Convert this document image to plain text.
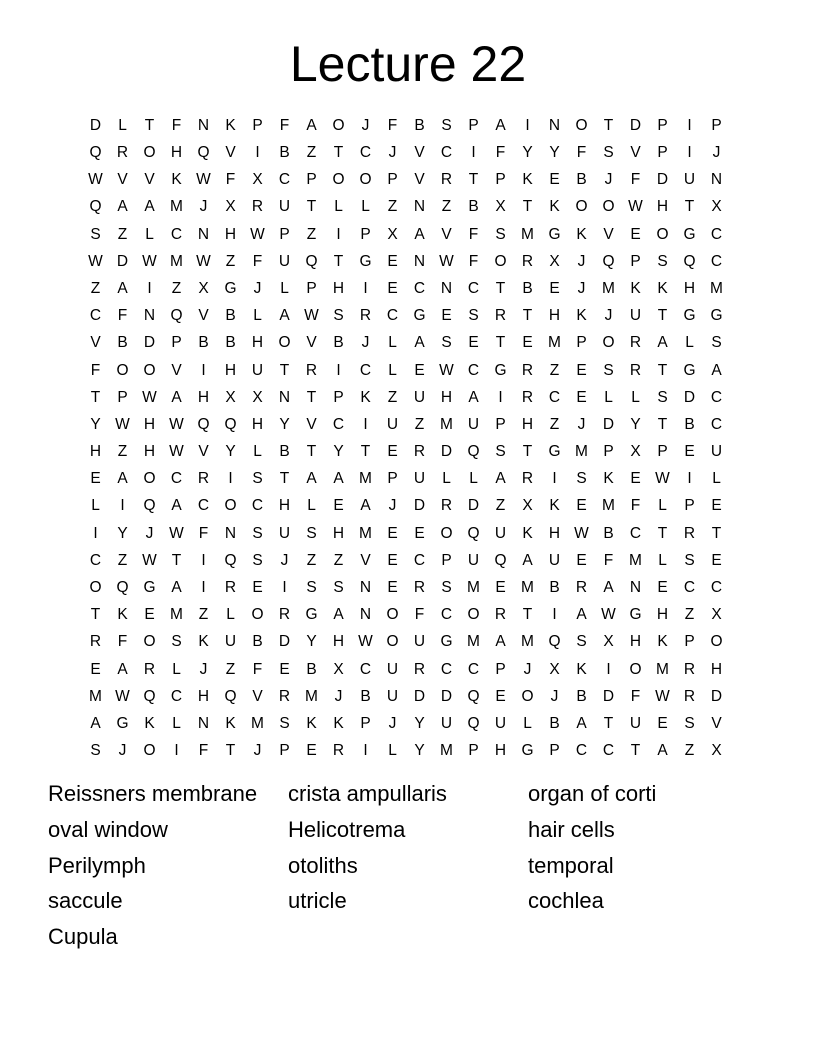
Lecture 22
D	L	T	F	N	K	P	F	A	O	J	F	B	S	P	A	I	N O	T	D	P	I	P
Q R O H Q	V	I	B	Z	T	C	J	V	C	I	F	Y	Y	F	S	V	P	I	J
W V	V	K W F	X	C	P	O O	P	V	R	T	P	K	E	B	J	F	D	U	N
Q	A	A M	J	X	R	U	T	L	L	Z	N	Z	B	X	T	K	O O W H	T	X
S	Z	L	C	N	H W P	Z	I	P	X	A	V	F	S M G	K	V	E	O G C
W D W M W Z	F	U Q	T	G	E	N W F	O R	X	J	Q	P	S	Q C
Z	A	I	Z	X	G	J	L	P	H	I	E	C	N	C	T	B	E	J	M K	K	H M
C	F	N Q	V	B	L	A W S	R	C G	E	S	R	T	H	K	J	U	T	G G
V	B	D	P	B	B	H O	V	B	J	L	A	S	E	T	E M P	O R	A	L	S
F	O O	V	I	H	U	T	R	I	C	L	E W C G R	Z	E	S	R	T	G	A
T	P W A	H	X	X	N	T	P	K	Z	U	H	A	I	R	C	E	L	L	S	D	C
Y W H W Q Q H	Y	V	C	I	U	Z	M U	P	H	Z	J	D	Y	T	B	C
H	Z	H W V	Y	L	B	T	Y	T	E	R	D Q	S	T	G M P	X	P	E	U
E	A	O C	R	I	S	T	A	A M P	U	L	L	A	R	I	S	K	E W	I	L
L	I	Q	A	C O C	H	L	E	A	J	D	R	D	Z	X	K	E M	F	L	P	E
I	Y	J	W F	N	S	U	S	H M E	E	O Q U	K	H W B	C	T	R	T
C	Z W T	I	Q	S	J	Z	Z	V	E	C	P	U Q	A	U	E	F	M	L	S	E
O Q G	A	I	R	E	I	S	S	N	E	R	S M E M B	R	A	N	E	C	C
T	K	E M	Z	L	O R G	A	N O	F	C O R	T	I	A W G H	Z	X
R	F	O	S	K	U	B	D	Y	H W O U G M A M Q	S	X	H	K	P	O
E	A	R	L	J	Z	F	E	B	X	C	U	R	C	C	P	J	X	K	I	O M R	H
M W Q C	H Q	V	R M	J	B	U	D	D Q	E	O	J	B	D	F W R	D
A	G	K	L	N	K M S	K	K	P	J	Y	U Q U	L	B	A	T	U	E	S	V
S	J	O	I	F	T	J	P	E	R	I	L	Y M P	H G	P	C	C	T	A	Z	X
Reissners membrane	crista ampullaris	organ of corti
oval window	Helicotrema	hair cells
Perilymph	otoliths	temporal
saccule	utricle	cochlea
Cupula
